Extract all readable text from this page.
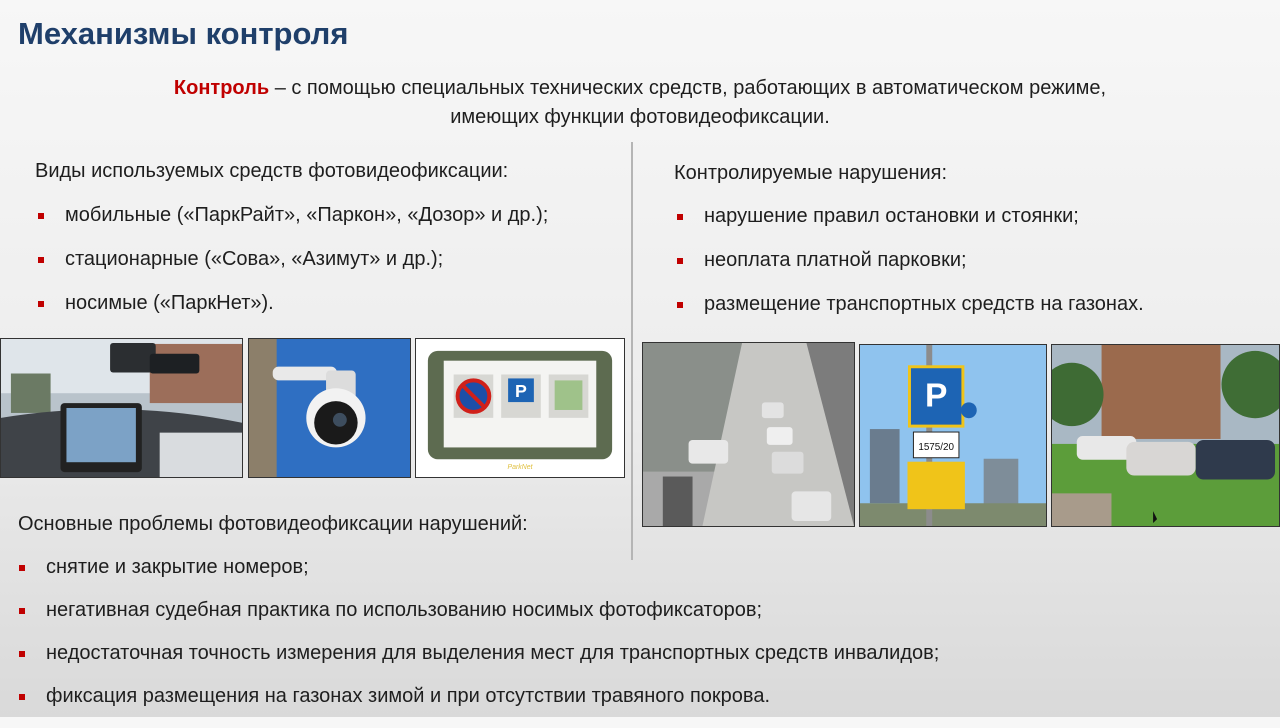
Механизмы контроля
Контроль – с помощью специальных технических средств, работающих в автоматическом режиме,
имеющих функции фотовидеофиксации.
Виды используемых средств фотовидеофиксации:
мобильные («ПаркРайт», «Паркон», «Дозор» и др.);
стационарные («Сова», «Азимут» и др.);
носимые («ПаркНет»).
Контролируемые нарушения:
нарушение правил остановки и стоянки;
неоплата платной парковки;
размещение транспортных средств на газонах.
P
ParkNet
P
1575/20
Основные проблемы фотовидеофиксации нарушений:
снятие и закрытие номеров;
негативная судебная практика по использованию носимых фотофиксаторов;
недостаточная точность измерения для выделения мест для транспортных средств инвалидов;
фиксация размещения на газонах зимой и при отсутствии травяного покрова.
